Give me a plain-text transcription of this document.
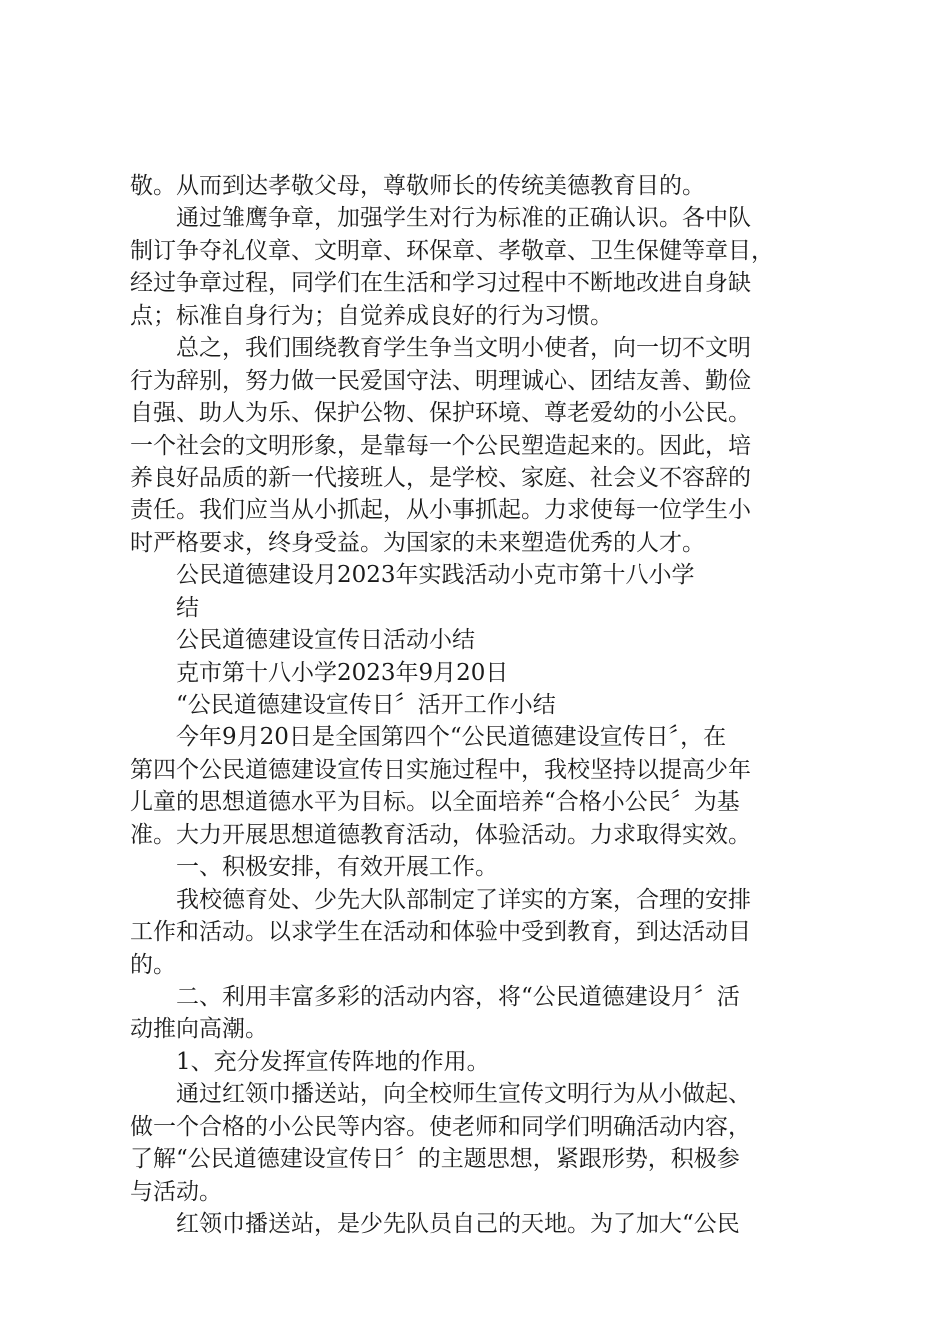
敬。从而到达孝敬父母，尊敬师长的传统美德教育目的。
通过雏鹰争章，加强学生对行为标准的正确认识。各中队
制订争夺礼仪章、文明章、环保章、孝敬章、卫生保健等章目，
经过争章过程，同学们在生活和学习过程中不断地改进自身缺
点；标准自身行为；自觉养成良好的行为习惯。
总之，我们围绕教育学生争当文明小使者，向一切不文明
行为辞别，努力做一民爱国守法、明理诚心、团结友善、勤俭
自强、助人为乐、保护公物、保护环境、尊老爱幼的小公民。
一个社会的文明形象，是靠每一个公民塑造起来的。因此，培
养良好品质的新一代接班人，是学校、家庭、社会义不容辞的
责任。我们应当从小抓起，从小事抓起。力求使每一位学生小
时严格要求，终身受益。为国家的未来塑造优秀的人才。
公民道德建设月2023年实践活动小克市第十八小学
结
公民道德建设宣传日活动小结
克市第十八小学2023年9月20日
“公民道德建设宣传日〞活开工作小结
今年9月20日是全国第四个“公民道德建设宣传日〞，在
第四个公民道德建设宣传日实施过程中，我校坚持以提高少年
儿童的思想道德水平为目标。以全面培养“合格小公民〞为基
准。大力开展思想道德教育活动，体验活动。力求取得实效。
一、积极安排，有效开展工作。
我校德育处、少先大队部制定了详实的方案，合理的安排
工作和活动。以求学生在活动和体验中受到教育，到达活动目
的。
二、利用丰富多彩的活动内容，将“公民道德建设月〞活
动推向高潮。
1、充分发挥宣传阵地的作用。
通过红领巾播送站，向全校师生宣传文明行为从小做起、
做一个合格的小公民等内容。使老师和同学们明确活动内容，
了解“公民道德建设宣传日〞的主题思想，紧跟形势，积极参
与活动。
红领巾播送站，是少先队员自己的天地。为了加大“公民
